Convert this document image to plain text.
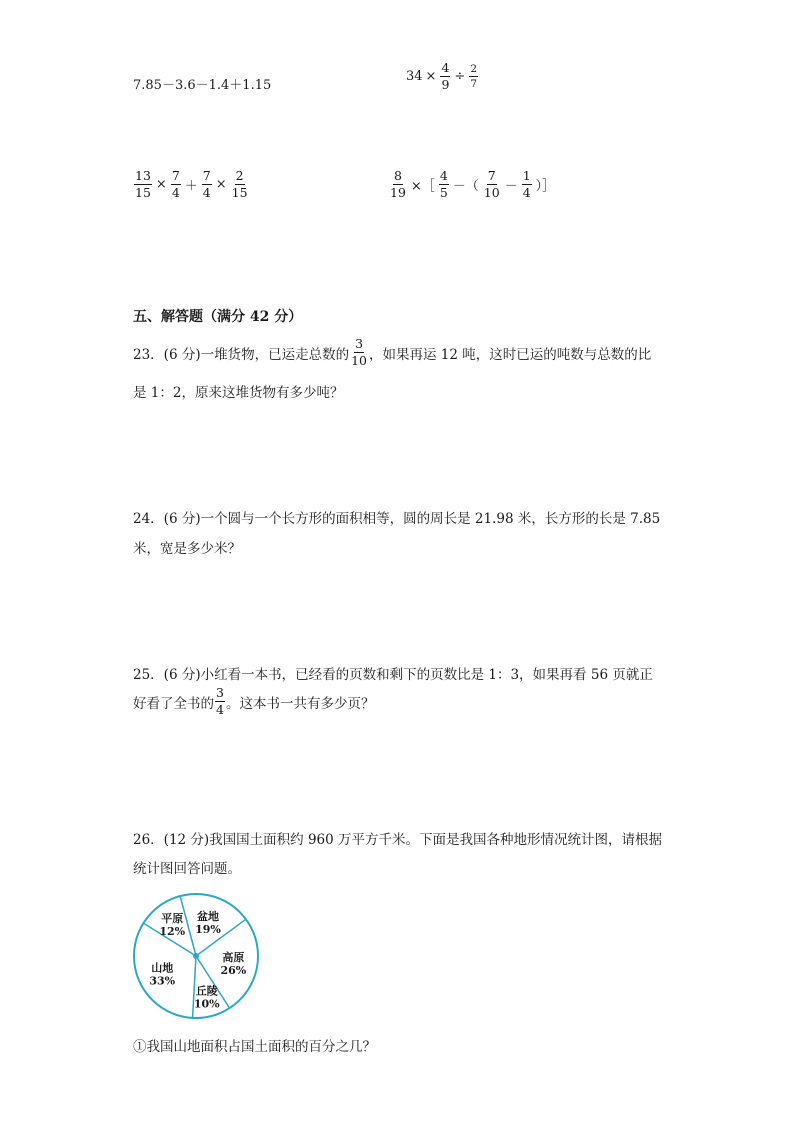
7.85－3.6－1.4＋1.15
$34 \times \frac{4}{9} \div \frac{2}{7}$
$\frac{13}{15} \times \frac{7}{4} + \frac{7}{4} \times \frac{2}{15}$	$\frac{8}{19}$ ×［ $\frac{4}{5}$ －（ $\frac{7}{10} - \frac{1}{4}$ ）］
五、解答题（满分 42 分）
23．(6 分)一堆货物，已运走总数的 $\frac{3}{10}$ ，如果再运 12 吨，这时已运的吨数与总数的比
是 1：2，原来这堆货物有多少吨？
24．(6 分)一个圆与一个长方形的面积相等，圆的周长是 21.98 米，长方形的长是 7.85
米，宽是多少米？
25．(6 分)小红看一本书，已经看的页数和剩下的页数比是 1：3，如果再看 56 页就正
好看了全书的 $\frac{3}{4}$ 。这本书一共有多少页？
26．(12 分)我国国土面积约 960 万平方千米。下面是我国各种地形情况统计图，请根据
统计图回答问题。
平原
12%
盆地
19%
高原
26%
丘陵
10%
山地
33%
①我国山地面积占国土面积的百分之几？
